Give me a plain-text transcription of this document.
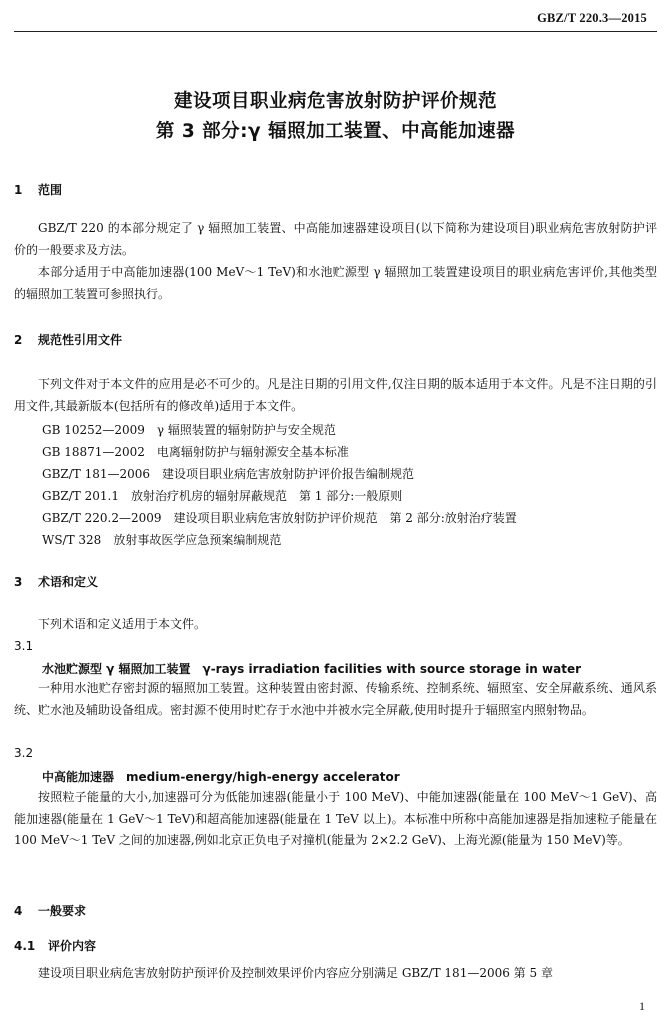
GBZ/T 220.3—2015
建设项目职业病危害放射防护评价规范
第 3 部分:γ 辐照加工装置、中高能加速器
1 范围
GBZ/T 220 的本部分规定了 γ 辐照加工装置、中高能加速器建设项目(以下简称为建设项目)职业病危害放射防护评价的一般要求及方法。
本部分适用于中高能加速器(100 MeV～1 TeV)和水池贮源型 γ 辐照加工装置建设项目的职业病危害评价,其他类型的辐照加工装置可参照执行。
2 规范性引用文件
下列文件对于本文件的应用是必不可少的。凡是注日期的引用文件,仅注日期的版本适用于本文件。凡是不注日期的引用文件,其最新版本(包括所有的修改单)适用于本文件。
GB 10252—2009　γ 辐照装置的辐射防护与安全规范
GB 18871—2002　电离辐射防护与辐射源安全基本标准
GBZ/T 181—2006　建设项目职业病危害放射防护评价报告编制规范
GBZ/T 201.1　放射治疗机房的辐射屏蔽规范　第 1 部分:一般原则
GBZ/T 220.2—2009　建设项目职业病危害放射防护评价规范　第 2 部分:放射治疗装置
WS/T 328　放射事故医学应急预案编制规范
3 术语和定义
下列术语和定义适用于本文件。
3.1
水池贮源型 γ 辐照加工装置　γ-rays irradiation facilities with source storage in water
一种用水池贮存密封源的辐照加工装置。这种装置由密封源、传输系统、控制系统、辐照室、安全屏蔽系统、通风系统、贮水池及辅助设备组成。密封源不使用时贮存于水池中并被水完全屏蔽,使用时提升于辐照室内照射物品。
3.2
中高能加速器　medium-energy/high-energy accelerator
按照粒子能量的大小,加速器可分为低能加速器(能量小于 100 MeV)、中能加速器(能量在 100 MeV～1 GeV)、高能加速器(能量在 1 GeV～1 TeV)和超高能加速器(能量在 1 TeV 以上)。本标准中所称中高能加速器是指加速粒子能量在 100 MeV～1 TeV 之间的加速器,例如北京正负电子对撞机(能量为 2×2.2 GeV)、上海光源(能量为 150 MeV)等。
4 一般要求
4.1 评价内容
建设项目职业病危害放射防护预评价及控制效果评价内容应分别满足 GBZ/T 181—2006 第 5 章
1
